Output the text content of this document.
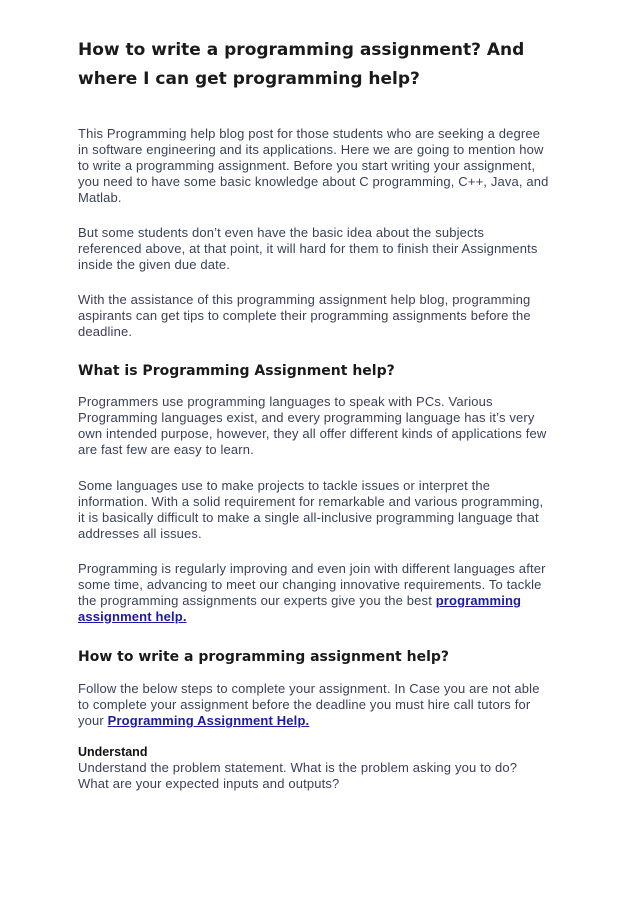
How to write a programming assignment? And where I can get programming help?

This Programming help blog post for those students who are seeking a degree in software engineering and its applications. Here we are going to mention how to write a programming assignment. Before you start writing your assignment, you need to have some basic knowledge about C programming, C++, Java, and Matlab.

But some students don’t even have the basic idea about the subjects referenced above, at that point, it will hard for them to finish their Assignments inside the given due date.

With the assistance of this programming assignment help blog, programming aspirants can get tips to complete their programming assignments before the deadline.

What is Programming Assignment help?

Programmers use programming languages to speak with PCs. Various Programming languages exist, and every programming language has it’s very own intended purpose, however, they all offer different kinds of applications few are fast few are easy to learn.

Some languages use to make projects to tackle issues or interpret the information. With a solid requirement for remarkable and various programming, it is basically difficult to make a single all-inclusive programming language that addresses all issues.

Programming is regularly improving and even join with different languages after some time, advancing to meet our changing innovative requirements. To tackle the programming assignments our experts give you the best programming assignment help.

How to write a programming assignment help?

Follow the below steps to complete your assignment. In Case you are not able to complete your assignment before the deadline you must hire call tutors for your Programming Assignment Help.

Understand

Understand the problem statement. What is the problem asking you to do? What are your expected inputs and outputs?
